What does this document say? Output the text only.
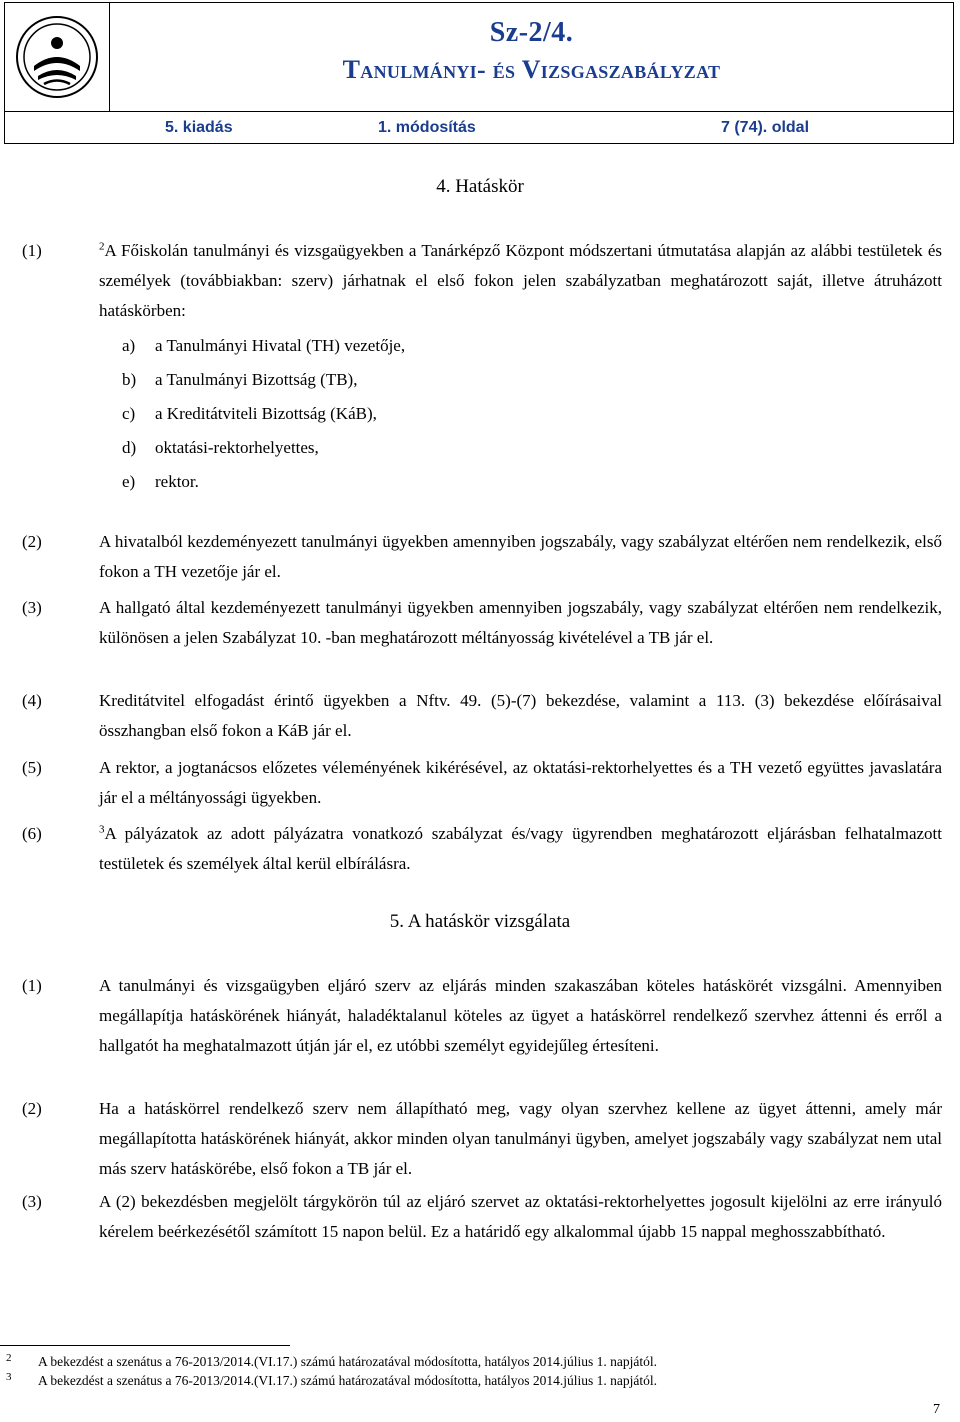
Sz-2/4.
Tanulmányi- és Vizsgaszabályzat
5. kiadás	1. módosítás	7 (74). oldal
4. Hatáskör
(1)	$^2$A Főiskolán tanulmányi és vizsgaügyekben a Tanárképző Központ módszertani útmutatása alapján az alábbi testületek és személyek (továbbiakban: szerv) járhatnak el első fokon jelen szabályzatban meghatározott saját, illetve átruházott hatáskörben:
a) a Tanulmányi Hivatal (TH) vezetője,
b) a Tanulmányi Bizottság (TB),
c) a Kreditátviteli Bizottság (KáB),
d) oktatási-rektorhelyettes,
e) rektor.
(2)	A hivatalból kezdeményezett tanulmányi ügyekben amennyiben jogszabály, vagy szabályzat eltérően nem rendelkezik, első fokon a TH vezetője jár el.
(3)	A hallgató által kezdeményezett tanulmányi ügyekben amennyiben jogszabály, vagy szabályzat eltérően nem rendelkezik, különösen a jelen Szabályzat 10. -ban meghatározott méltányosság kivételével a TB jár el.
(4)	Kreditátvitel elfogadást érintő ügyekben a Nftv. 49. (5)-(7) bekezdése, valamint a 113. (3) bekezdése előírásaival összhangban első fokon a KáB jár el.
(5)	A rektor, a jogtanácsos előzetes véleményének kikérésével, az oktatási-rektorhelyettes és a TH vezető együttes javaslatára jár el a méltányossági ügyekben.
(6)	$^3$A pályázatok az adott pályázatra vonatkozó szabályzat és/vagy ügyrendben meghatározott eljárásban felhatalmazott testületek és személyek által kerül elbírálásra.
5. A hatáskör vizsgálata
(1)	A tanulmányi és vizsgaügyben eljáró szerv az eljárás minden szakaszában köteles hatáskörét vizsgálni. Amennyiben megállapítja hatáskörének hiányát, haladéktalanul köteles az ügyet a hatáskörrel rendelkező szervhez áttenni és erről a hallgatót ha meghatalmazott útján jár el, ez utóbbi személyt egyidejűleg értesíteni.
(2)	Ha a hatáskörrel rendelkező szerv nem állapítható meg, vagy olyan szervhez kellene az ügyet áttenni, amely már megállapította hatáskörének hiányát, akkor minden olyan tanulmányi ügyben, amelyet jogszabály vagy szabályzat nem utal más szerv hatáskörébe, első fokon a TB jár el.
(3)	A (2) bekezdésben megjelölt tárgykörön túl az eljáró szervet az oktatási-rektorhelyettes jogosult kijelölni az erre irányuló kérelem beérkezésétől számított 15 napon belül. Ez a határidő egy alkalommal újabb 15 nappal meghosszabbítható.
2 A bekezdést a szenátus a 76-2013/2014.(VI.17.) számú határozatával módosította, hatályos 2014.július 1. napjától.
3 A bekezdést a szenátus a 76-2013/2014.(VI.17.) számú határozatával módosította, hatályos 2014.július 1. napjától.
7
